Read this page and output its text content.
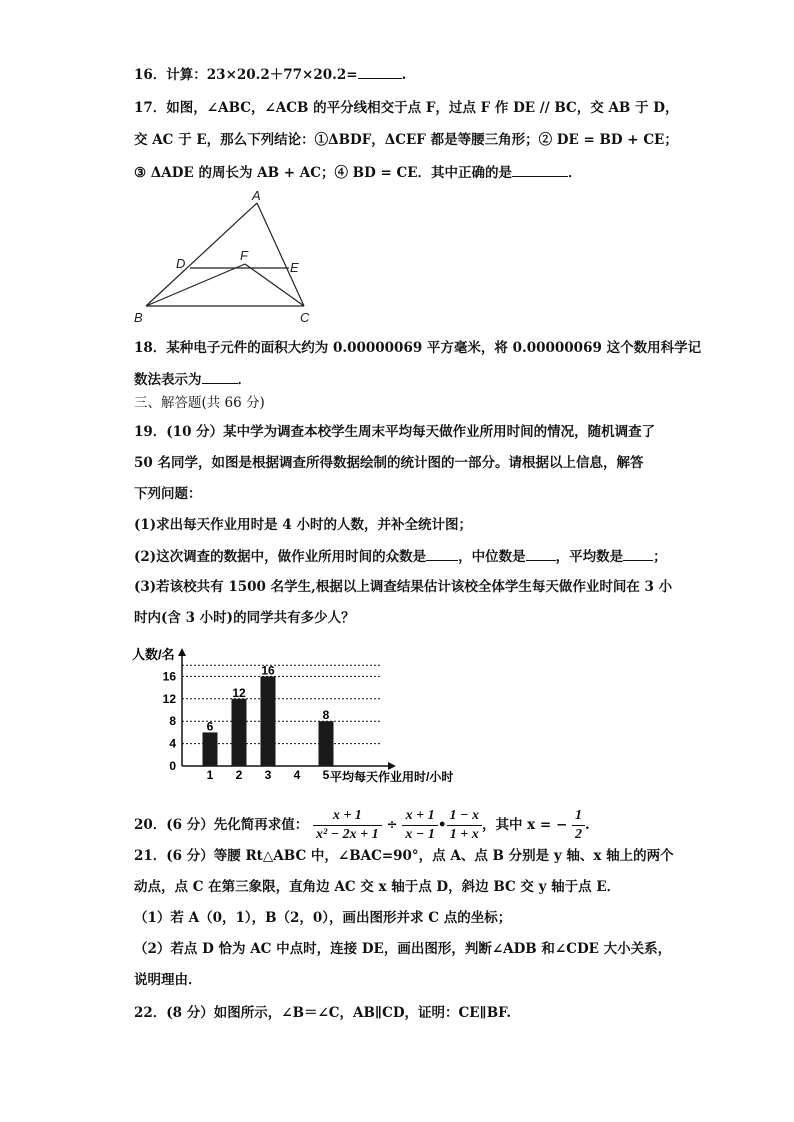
16．计算：23×20.2＋77×20.2=	.
17．如图，∠ABC，∠ACB 的平分线相交于点 F，过点 F 作 DE // BC，交 AB 于 D，
交 AC 于 E，那么下列结论：①ΔBDF，ΔCEF 都是等腰三角形；② DE = BD + CE；
③ ΔADE 的周长为 AB + AC；④ BD = CE．其中正确的是	．
A
B	C
D	E
F
18．某种电子元件的面积大约为 0.00000069 平方毫米，将 0.00000069 这个数用科学记
数法表示为	．
三、解答题(共 66 分)
19．(10 分）某中学为调查本校学生周末平均每天做作业所用时间的情况，随机调查了
50 名同学，如图是根据调查所得数据绘制的统计图的一部分。请根据以上信息，解答
下列问题：
(1)求出每天作业用时是 4 小时的人数，并补全统计图；
(2)这次调查的数据中，做作业所用时间的众数是 ，中位数是 ，平均数是 ；
(3)若该校共有 1500 名学生,根据以上调查结果估计该校全体学生每天做作业时间在 3 小
时内(含 3 小时)的同学共有多少人？
人数/名
0
4
8
12
16
6
12
16
8
1 2 3 4 5 平均每天作业用时/小时
20．(6 分）先化简再求值： $\frac{x + 1}{\text{x² − 2x + 1}} \div \frac{x + 1}{x - 1}$ • $\frac{1 - x}{1 + x}$ ，其中 x = − $\frac{1}{2}$ .
21．(6 分）等腰 Rt△ABC 中，∠BAC=90°，点 A、点 B 分别是 y 轴、x 轴上的两个
动点，点 C 在第三象限，直角边 AC 交 x 轴于点 D，斜边 BC 交 y 轴于点 E．
（1）若 A（0，1），B（2，0），画出图形并求 C 点的坐标；
（2）若点 D 恰为 AC 中点时，连接 DE，画出图形，判断∠ADB 和∠CDE 大小关系，
说明理由．
22．(8 分）如图所示，∠B＝∠C，AB∥CD，证明：CE∥BF.
